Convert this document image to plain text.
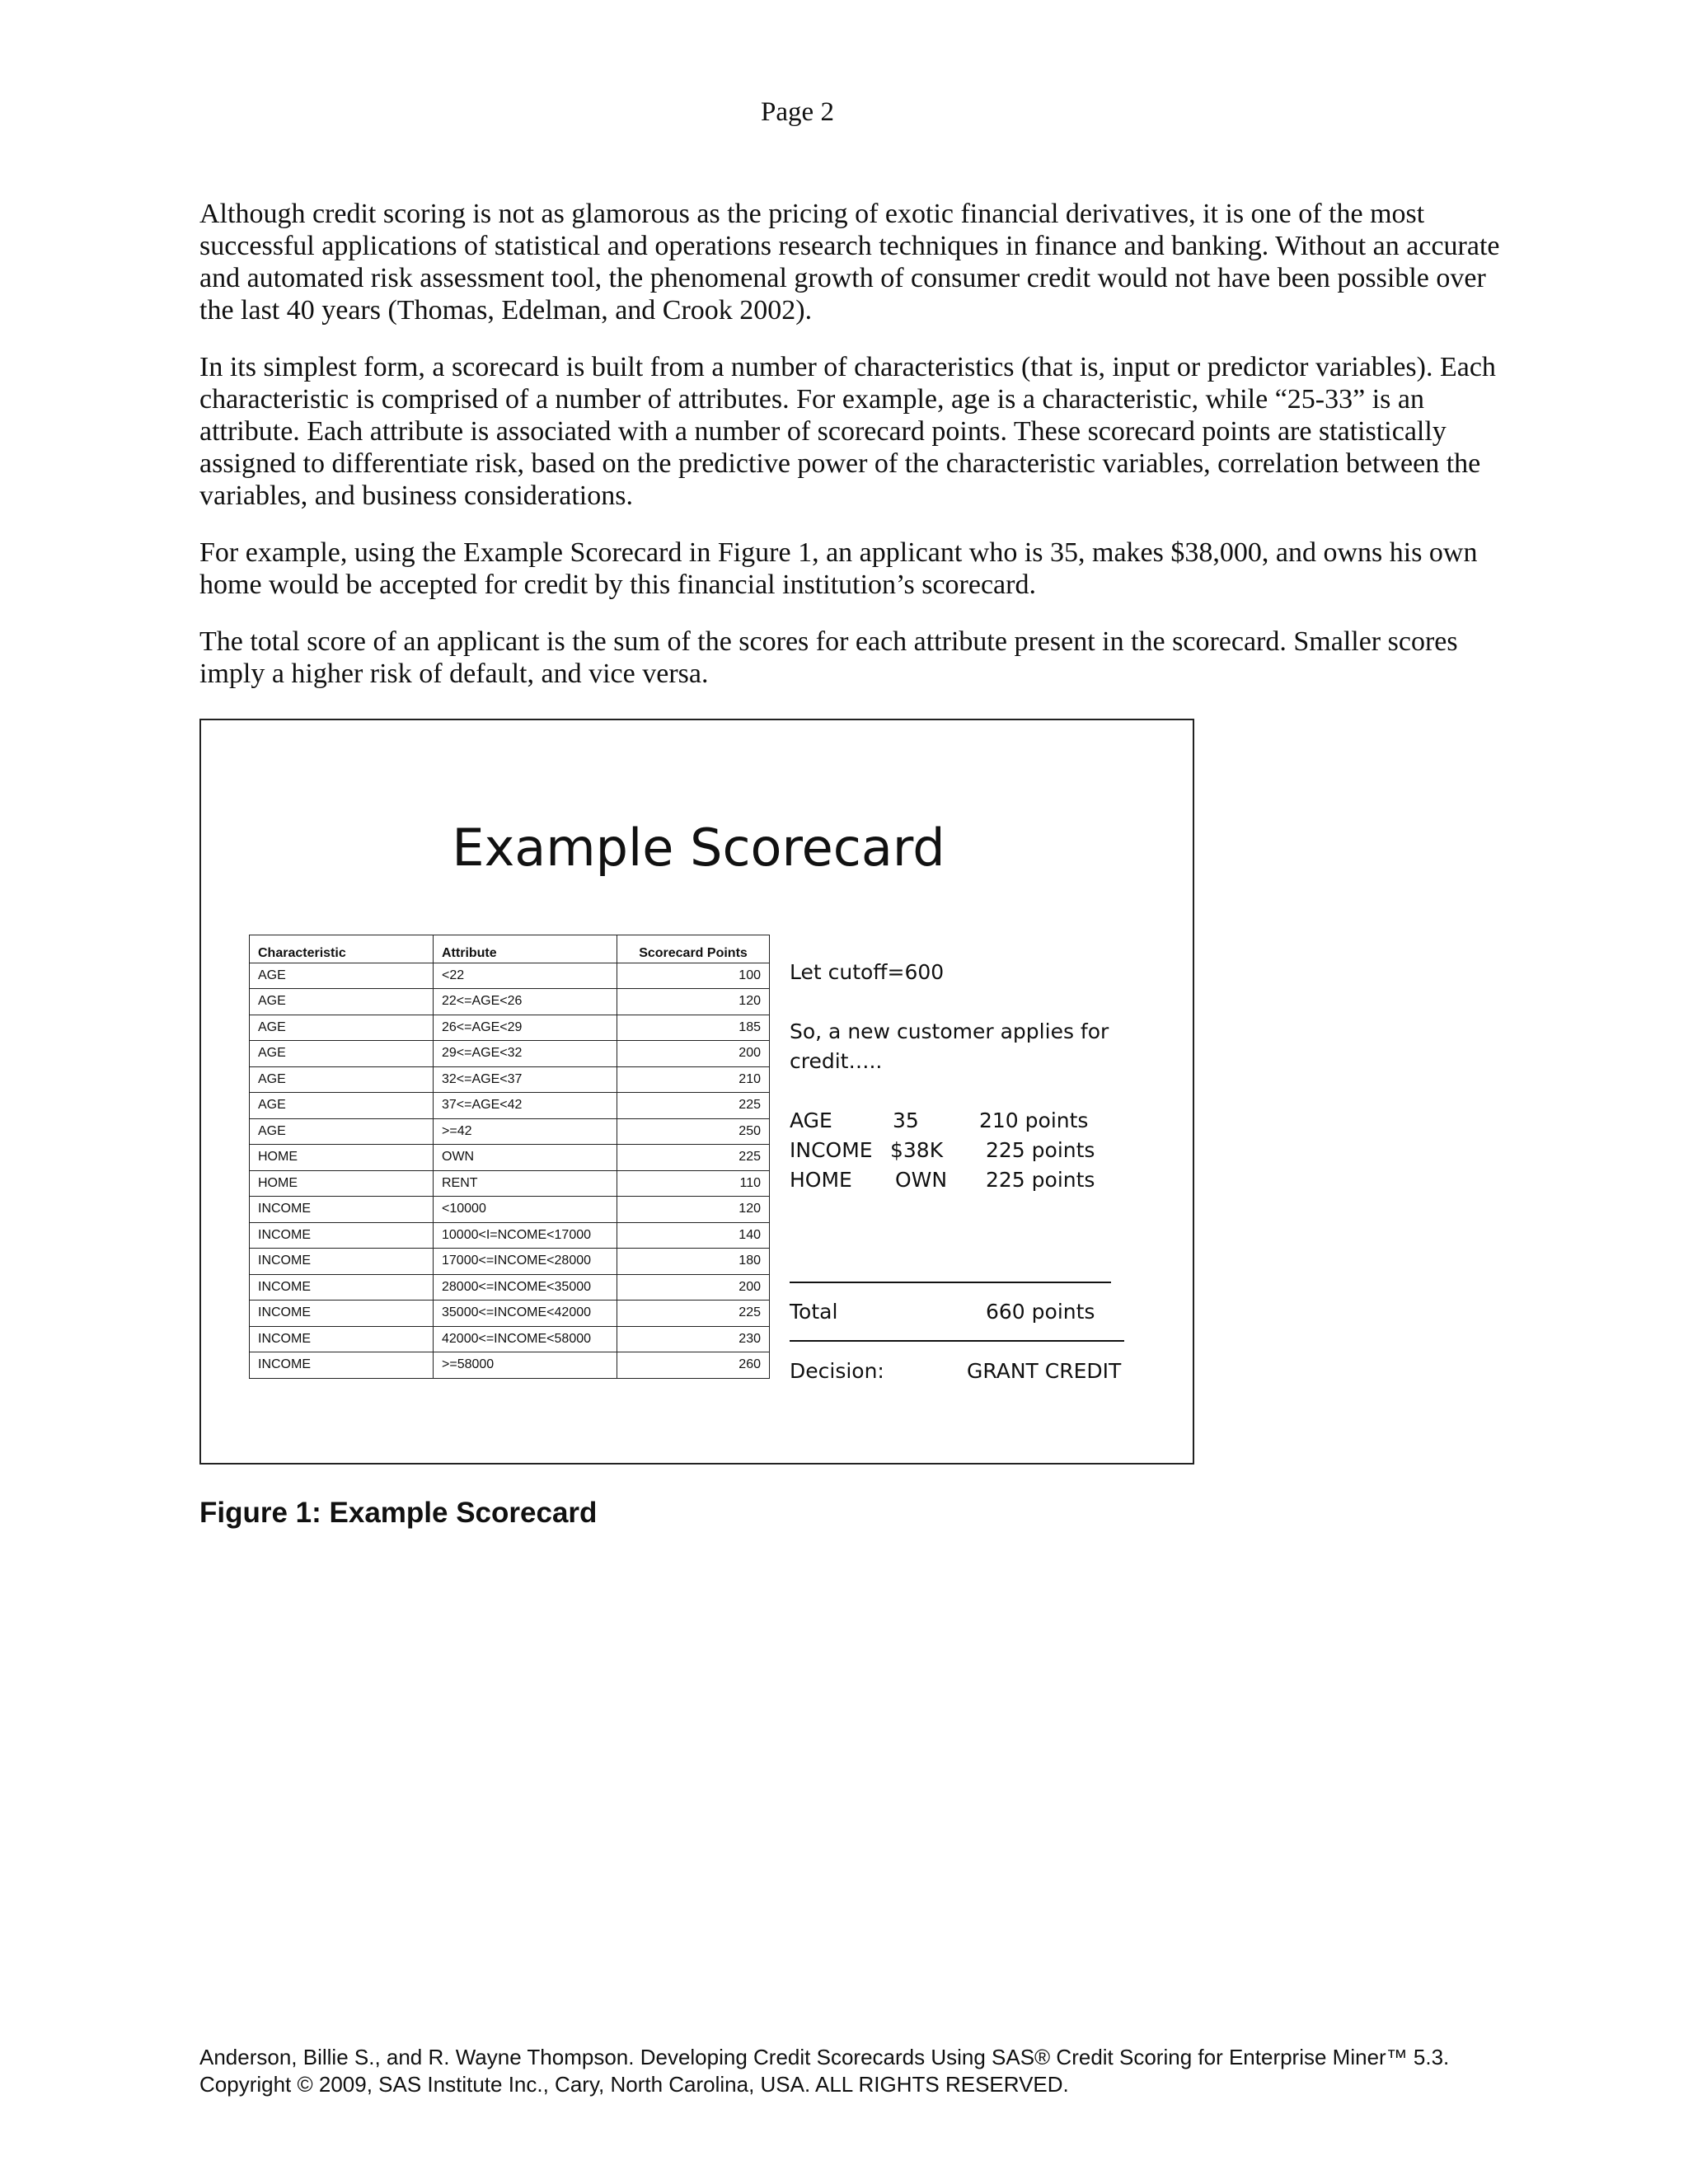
Page 2

Although credit scoring is not as glamorous as the pricing of exotic financial derivatives, it is one of the most successful applications of statistical and operations research techniques in finance and banking. Without an accurate and automated risk assessment tool, the phenomenal growth of consumer credit would not have been possible over the last 40 years (Thomas, Edelman, and Crook 2002).

In its simplest form, a scorecard is built from a number of characteristics (that is, input or predictor variables). Each characteristic is comprised of a number of attributes. For example, age is a characteristic, while “25-33” is an attribute. Each attribute is associated with a number of scorecard points. These scorecard points are statistically assigned to differentiate risk, based on the predictive power of the characteristic variables, correlation between the variables, and business considerations.

For example, using the Example Scorecard in Figure 1, an applicant who is 35, makes $38,000, and owns his own home would be accepted for credit by this financial institution’s scorecard.

The total score of an applicant is the sum of the scores for each attribute present in the scorecard. Smaller scores imply a higher risk of default, and vice versa.

Example Scorecard
Characteristic	Attribute	Scorecard Points
AGE	<22	100
AGE	22<=AGE<26	120
AGE	26<=AGE<29	185
AGE	29<=AGE<32	200
AGE	32<=AGE<37	210
AGE	37<=AGE<42	225
AGE	>=42	250
HOME	OWN	225
HOME	RENT	110
INCOME	<10000	120
INCOME	10000<I=NCOME<17000	140
INCOME	17000<=INCOME<28000	180
INCOME	28000<=INCOME<35000	200
INCOME	35000<=INCOME<42000	225
INCOME	42000<=INCOME<58000	230
INCOME	>=58000	260
Let cutoff=600
So, a new customer applies for
credit…..
AGE	35	210 points
INCOME $38K 225 points
HOME OWN 225 points
Total	660 points
Decision:	GRANT CREDIT
Figure 1: Example Scorecard
Anderson, Billie S., and R. Wayne Thompson. Developing Credit Scorecards Using SAS® Credit Scoring for Enterprise Miner™ 5.3.
Copyright © 2009, SAS Institute Inc., Cary, North Carolina, USA. ALL RIGHTS RESERVED.
